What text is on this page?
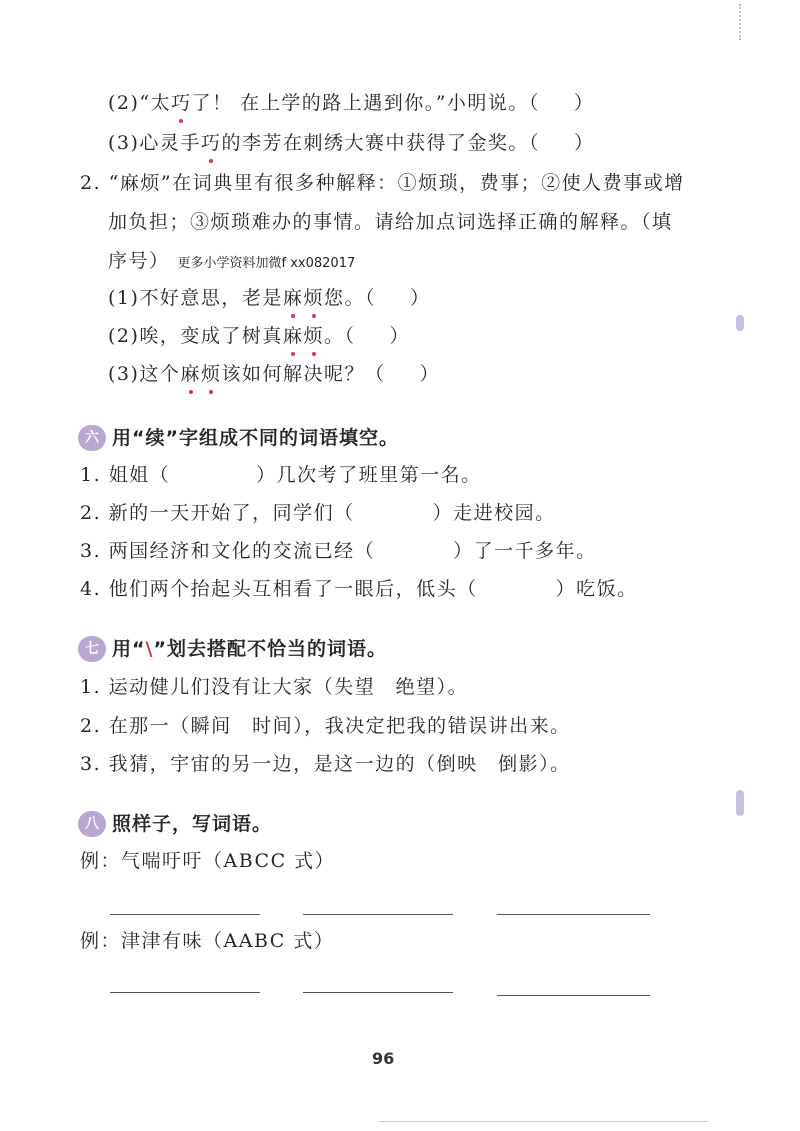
(2)“太巧了！ 在上学的路上遇到你。”小明说。（ ）
(3)心灵手巧的李芳在刺绣大赛中获得了金奖。（ ）
2. “麻烦”在词典里有很多种解释：①烦琐，费事；②使人费事或增
加负担；③烦琐难办的事情。请给加点词选择正确的解释。（填
序号） 更多小学资料加微f xx082017
(1)不好意思，老是麻烦您。（ ）
(2)唉，变成了树真麻烦。（ ）
(3)这个麻烦该如何解决呢？（ ）
六 用“续”字组成不同的词语填空。
1. 姐姐（	）几次考了班里第一名。
2. 新的一天开始了，同学们（	）走进校园。
3. 两国经济和文化的交流已经（	）了一千多年。
4. 他们两个抬起头互相看了一眼后，低头（	）吃饭。
七 用“\”划去搭配不恰当的词语。
1. 运动健儿们没有让大家（失望　绝望）。
2. 在那一（瞬间　时间），我决定把我的错误讲出来。
3. 我猜，宇宙的另一边，是这一边的（倒映　倒影）。
八 照样子，写词语。
例：气喘吁吁（ABCC 式）
例：津津有味（AABC 式）
96
